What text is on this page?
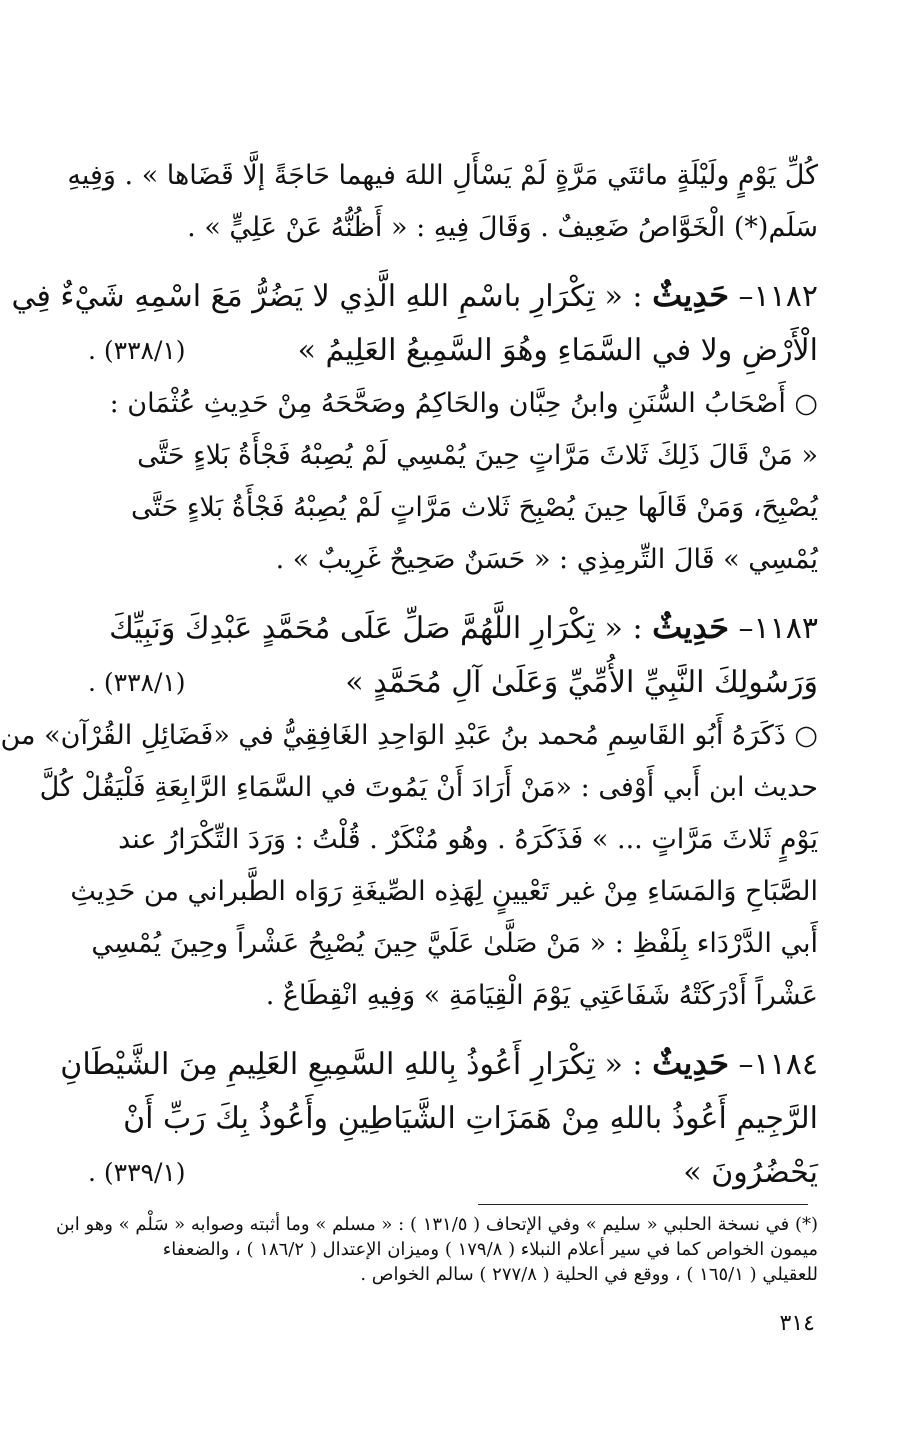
كُلِّ يَوْمٍ ولَيْلَةٍ مائتَي مَرَّةٍ لَمْ يَسْأَلِ اللهَ فيهما حَاجَةً إلَّا قَضَاها » . وَفِيهِ
سَلَم(*) الْخَوَّاصُ ضَعِيفٌ . وَقَالَ فِيهِ : « أَظُنُّهُ عَنْ عَلِيٍّ » .
١١٨٢– حَدِيثٌ : « تِكْرَارِ باسْمِ اللهِ الَّذِي لا يَضُرُّ مَعَ اسْمِهِ شَيْءٌ فِي
الْأَرْضِ ولا في السَّمَاءِ وهُوَ السَّمِيعُ العَلِيمُ »
(٣٣٨/١) .
○ أَصْحَابُ السُّنَنِ وابنُ حِبَّان والحَاكِمُ وصَحَّحَهُ مِنْ حَدِيثِ عُثْمَان :
« مَنْ قَالَ ذَلِكَ ثَلاثَ مَرَّاتٍ حِينَ يُمْسِي لَمْ يُصِبْهُ فَجْأَةُ بَلاءٍ حَتَّى
يُصْبِحَ، وَمَنْ قَالَها حِينَ يُصْبِحَ ثَلاث مَرَّاتٍ لَمْ يُصِبْهُ فَجْأَةُ بَلاءٍ حَتَّى
يُمْسِي » قَالَ التِّرمِذِي : « حَسَنٌ صَحِيحٌ غَرِيبٌ » .
١١٨٣– حَدِيثٌ : « تِكْرَارِ اللَّهُمَّ صَلِّ عَلَى مُحَمَّدٍ عَبْدِكَ وَنَبِيِّكَ
وَرَسُولِكَ النَّبِيِّ الأُمِّيِّ وَعَلَىٰ آلِ مُحَمَّدٍ »
(٣٣٨/١) .
○ ذَكَرَهُ أَبُو القَاسِمِ مُحمد بنُ عَبْدِ الوَاحِدِ الغَافِقِيُّ في «فَضَائِلِ القُرْآن» من
حديث ابن أَبي أَوْفى : «مَنْ أَرَادَ أَنْ يَمُوتَ في السَّمَاءِ الرَّابِعَةِ فَلْيَقُلْ كُلَّ
يَوْمٍ ثَلاثَ مَرَّاتٍ ... » فَذَكَرَهُ . وهُو مُنْكَرٌ . قُلْتُ : وَرَدَ التِّكْرَارُ عند
الصَّبَاحِ وَالمَسَاءِ مِنْ غير تَعْيينٍ لِهَذِه الصِّيغَةِ رَوَاه الطَّبراني من حَدِيثِ
أَبي الدَّرْدَاء بِلَفْظِ : « مَنْ صَلَّىٰ عَلَيَّ حِينَ يُصْبِحُ عَشْراً وحِينَ يُمْسِي
عَشْراً أَدْرَكَتْهُ شَفَاعَتِي يَوْمَ الْقِيَامَةِ » وَفِيهِ انْقِطَاعٌ .
١١٨٤– حَدِيثٌ : « تِكْرَارِ أَعُوذُ بِاللهِ السَّمِيعِ العَلِيمِ مِنَ الشَّيْطَانِ
الرَّجِيمِ أَعُوذُ باللهِ مِنْ هَمَزَاتِ الشَّيَاطِينِ وأَعُوذُ بِكَ رَبِّ أَنْ
يَحْضُرُونَ »
(٣٣٩/١) .
(*) في نسخة الحلبي « سليم » وفي الإتحاف ( ١٣١/٥ ) : « مسلم » وما أثبته وصوابه « سَلْم » وهو ابن
ميمون الخواص كما في سير أعلام النبلاء ( ١٧٩/٨ ) وميزان الإعتدال ( ١٨٦/٢ ) ، والضعفاء
للعقيلي ( ١٦٥/١ ) ، ووقع في الحلية ( ٢٧٧/٨ ) سالم الخواص .
٣١٤
